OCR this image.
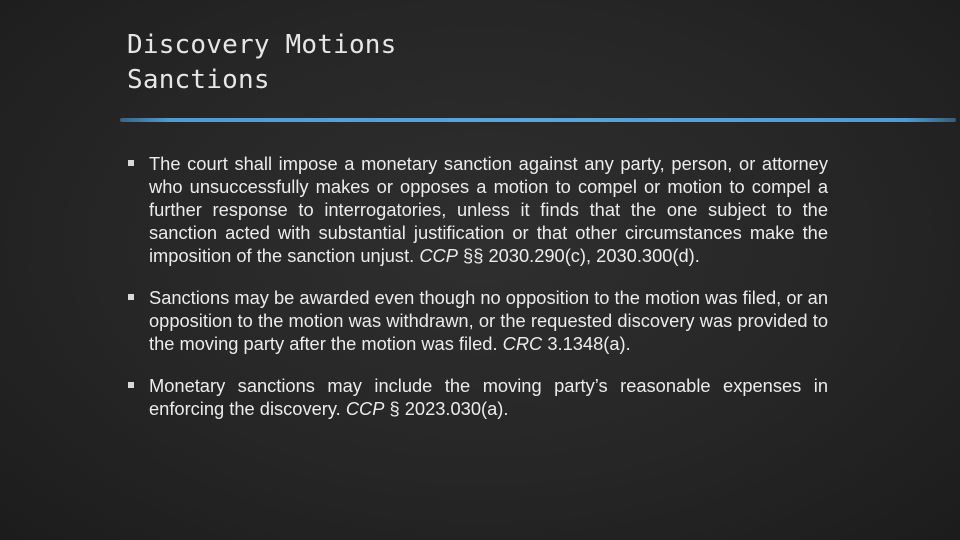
Discovery Motions
Sanctions
The court shall impose a monetary sanction against any party, person, or attorney who unsuccessfully makes or opposes a motion to compel or motion to compel a further response to interrogatories, unless it finds that the one subject to the sanction acted with substantial justification or that other circumstances make the imposition of the sanction unjust. CCP §§ 2030.290(c), 2030.300(d).
Sanctions may be awarded even though no opposition to the motion was filed, or an opposition to the motion was withdrawn, or the requested discovery was provided to the moving party after the motion was filed. CRC 3.1348(a).
Monetary sanctions may include the moving party’s reasonable expenses in enforcing the discovery. CCP § 2023.030(a).
